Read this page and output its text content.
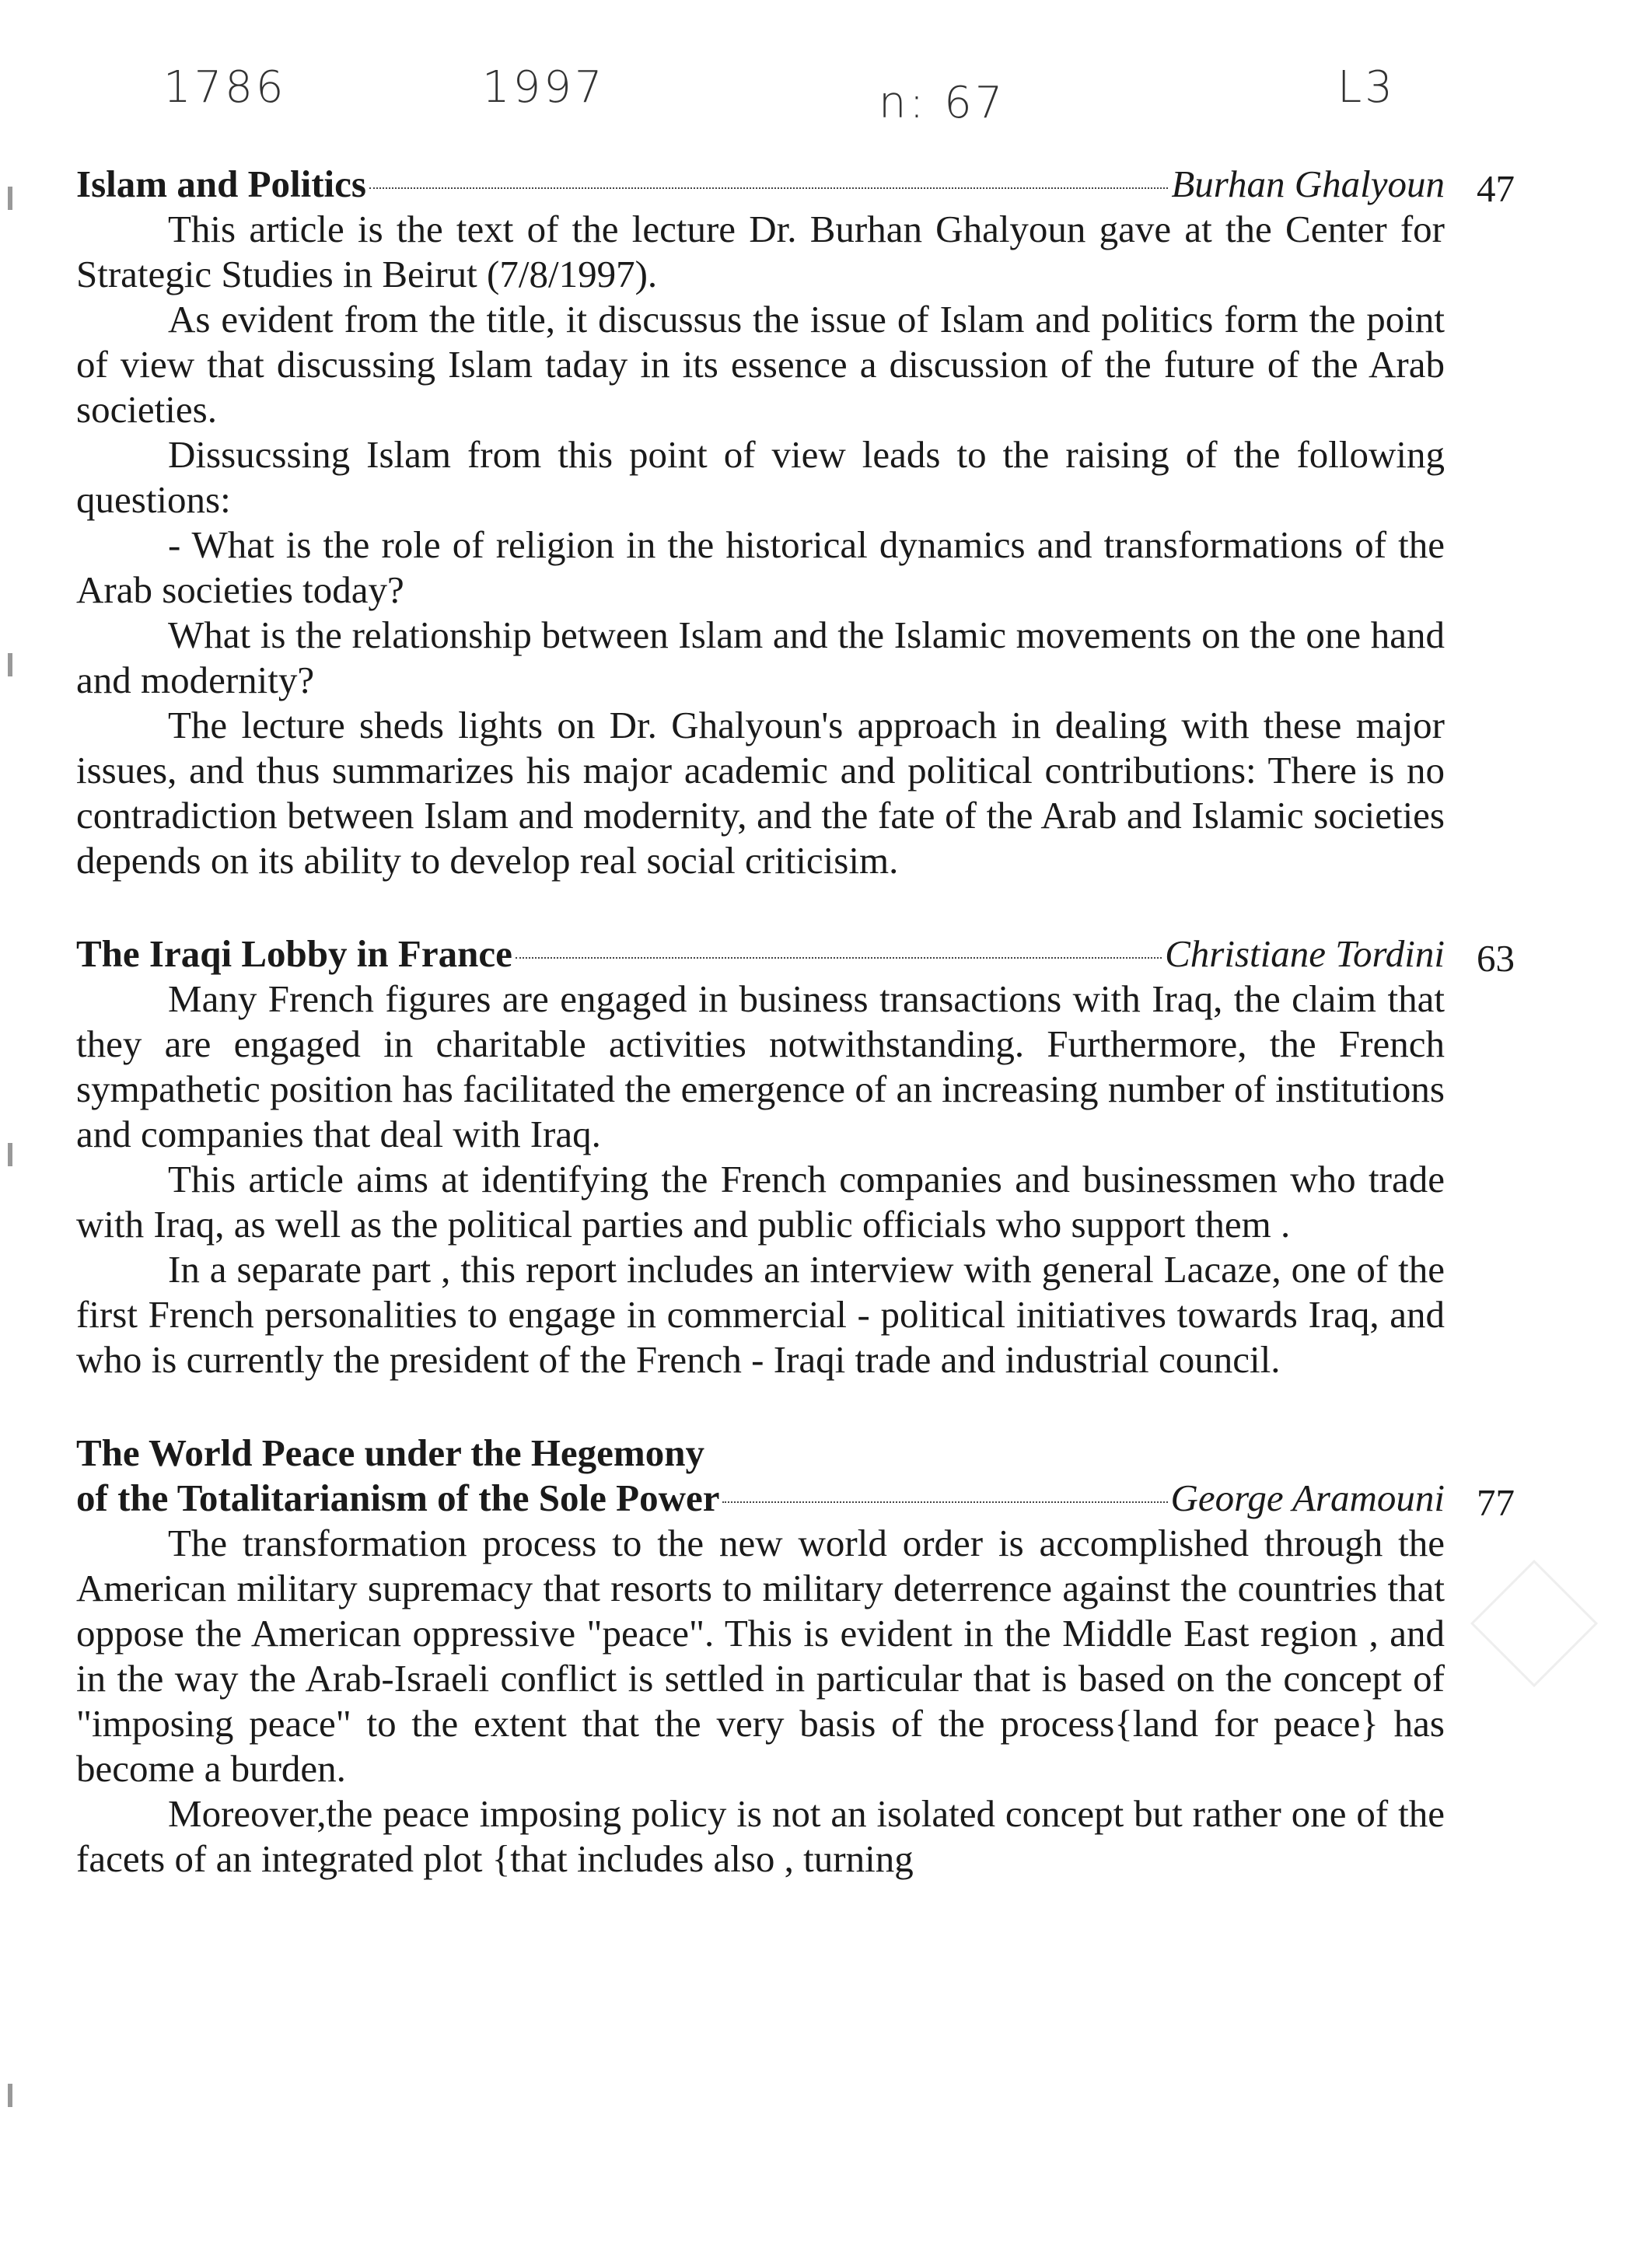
1786	1997	n: 67	L3
Islam and Politics	Burhan Ghalyoun 47

This article is the text of the lecture Dr. Burhan Ghalyoun gave at the Center for Strategic Studies in Beirut (7/8/1997).

As evident from the title, it discussus the issue of Islam and politics form the point of view that discussing Islam taday in its essence a discussion of the future of the Arab societies.

Dissucssing Islam from this point of view leads to the raising of the following questions:

- What is the role of religion in the historical dynamics and transformations of the Arab societies today?

What is the relationship between Islam and the Islamic movements on the one hand and modernity?

The lecture sheds lights on Dr. Ghalyoun's approach in dealing with these major issues, and thus summarizes his major academic and political contributions: There is no contradiction between Islam and modernity, and the fate of the Arab and Islamic societies depends on its ability to develop real social criticisim.

The Iraqi Lobby in France	Christiane Tordini 63

Many French figures are engaged in business transactions with Iraq, the claim that they are engaged in charitable activities notwithstanding. Furthermore, the French sympathetic position has facilitated the emergence of an increasing number of institutions and companies that deal with Iraq.

This article aims at identifying the French companies and businessmen who trade with Iraq, as well as the political parties and public officials who support them .

In a separate part , this report includes an interview with general Lacaze, one of the first French personalities to engage in commercial - political initiatives towards Iraq, and who is currently the president of the French - Iraqi trade and industrial council.

The World Peace under the Hegemony
of the Totalitarianism of the Sole Power	George Aramouni 77

The transformation process to the new world order is accomplished through the American military supremacy that resorts to military deterrence against the countries that oppose the American oppressive "peace". This is evident in the Middle East region , and in the way the Arab-Israeli conflict is settled in particular that is based on the concept of "imposing peace" to the extent that the very basis of the process{land for peace} has become a burden.

Moreover,the peace imposing policy is not an isolated concept but rather one of the facets of an integrated plot {that includes also , turning
